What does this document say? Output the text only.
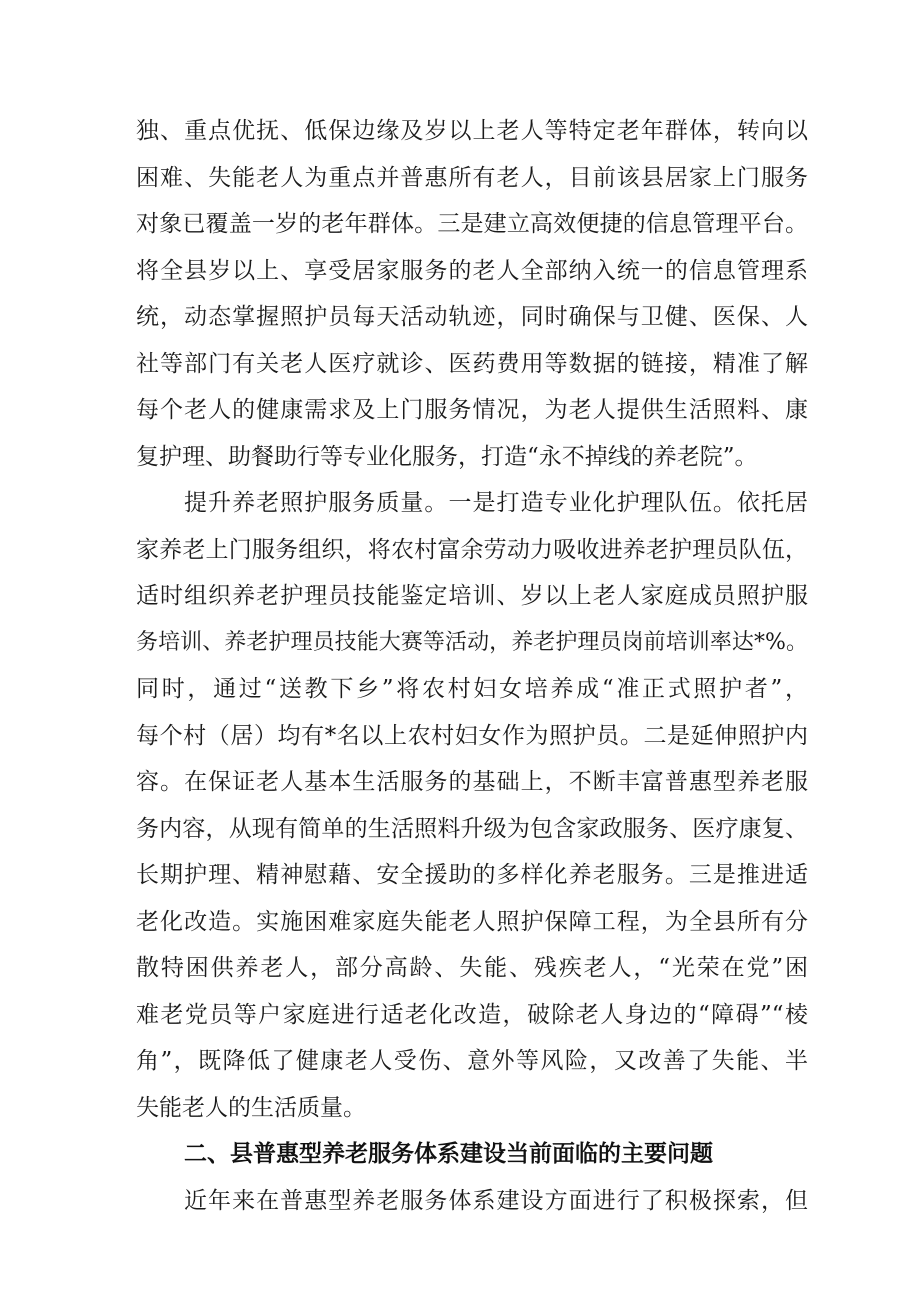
独、重点优抚、低保边缘及岁以上老人等特定老年群体，转向以
困难、失能老人为重点并普惠所有老人，目前该县居家上门服务
对象已覆盖一岁的老年群体。三是建立高效便捷的信息管理平台。
将全县岁以上、享受居家服务的老人全部纳入统一的信息管理系
统，动态掌握照护员每天活动轨迹，同时确保与卫健、医保、人
社等部门有关老人医疗就诊、医药费用等数据的链接，精准了解
每个老人的健康需求及上门服务情况，为老人提供生活照料、康
复护理、助餐助行等专业化服务，打造“永不掉线的养老院”。
提升养老照护服务质量。一是打造专业化护理队伍。依托居
家养老上门服务组织，将农村富余劳动力吸收进养老护理员队伍，
适时组织养老护理员技能鉴定培训、岁以上老人家庭成员照护服
务培训、养老护理员技能大赛等活动，养老护理员岗前培训率达*%。
同时，通过“送教下乡”将农村妇女培养成“准正式照护者”，
每个村（居）均有*名以上农村妇女作为照护员。二是延伸照护内
容。在保证老人基本生活服务的基础上，不断丰富普惠型养老服
务内容，从现有简单的生活照料升级为包含家政服务、医疗康复、
长期护理、精神慰藉、安全援助的多样化养老服务。三是推进适
老化改造。实施困难家庭失能老人照护保障工程，为全县所有分
散特困供养老人，部分高龄、失能、残疾老人，“光荣在党”困
难老党员等户家庭进行适老化改造，破除老人身边的“障碍”“棱
角”，既降低了健康老人受伤、意外等风险，又改善了失能、半
失能老人的生活质量。
二、县普惠型养老服务体系建设当前面临的主要问题
近年来在普惠型养老服务体系建设方面进行了积极探索，但
